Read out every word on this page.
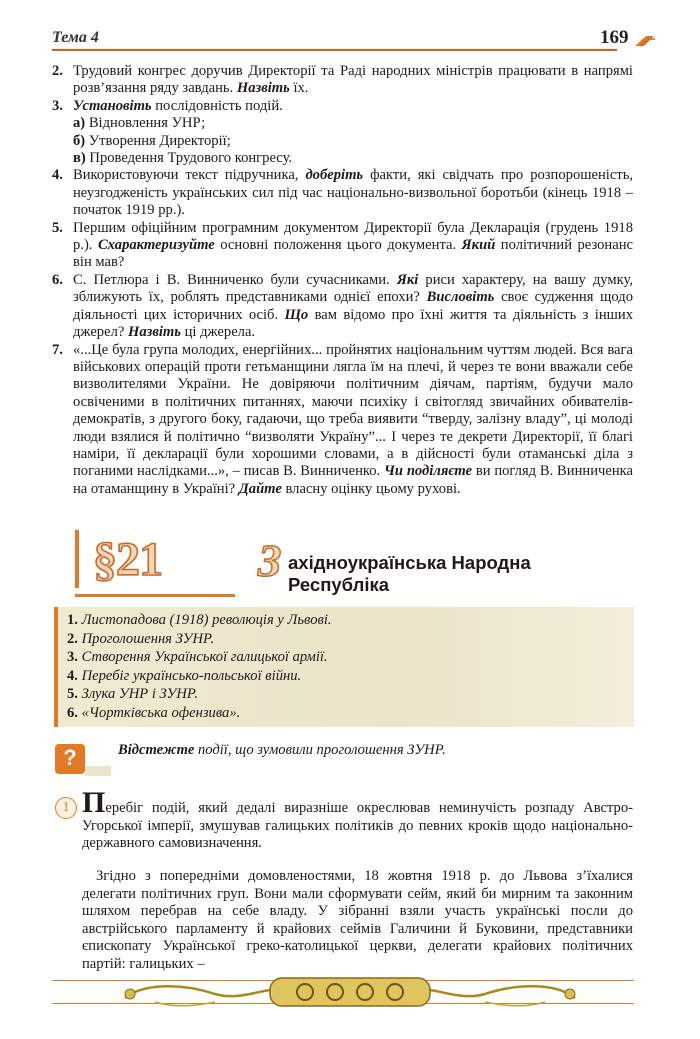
Тема 4	169
2. Трудовий конгрес доручив Директорії та Раді народних міністрів працювати в напрямі розв’язання ряду завдань. Назвіть їх.
3. Установіть послідовність подій.
а) Відновлення УНР;
б) Утворення Директорії;
в) Проведення Трудового конгресу.
4. Використовуючи текст підручника, доберіть факти, які свідчать про розпорошеність, неузгодженість українських сил під час національно-визвольної боротьби (кінець 1918 – початок 1919 рр.).
5. Першим офіційним програмним документом Директорії була Декларація (грудень 1918 р.). Схарактеризуйте основні положення цього документа. Який політичний резонанс він мав?
6. С. Петлюра і В. Винниченко були сучасниками. Які риси характеру, на вашу думку, зближують їх, роблять представниками однієї епохи? Висловіть своє судження щодо діяльності цих історичних осіб. Що вам відомо про їхні життя та діяльність з інших джерел? Назвіть ці джерела.
7. «...Це була група молодих, енергійних... пройнятих національним чуттям людей. Вся вага військових операцій проти гетьманщини лягла їм на плечі, й через те вони вважали себе визволителями України. Не довіряючи політичним діячам, партіям, будучи мало освіченими в політичних питаннях, маючи психіку і світогляд звичайних обивателів-демократів, з другого боку, гадаючи, що треба виявити “тверду, залізну владу”, ці молоді люди взялися й політично “визволяти Україну”... І через те декрети Директорії, її благі наміри, її декларації були хорошими словами, а в дійсності були отаманські діла з поганими наслідками...», – писав В. Винниченко. Чи поділяєте ви погляд В. Винниченка на отаманщину в Україні? Дайте власну оцінку цьому руховi.
§21 З ахідноукраїнська Народна Республіка
1. Листопадова (1918) революція у Львові.
2. Проголошення ЗУНР.
3. Створення Української галицької армії.
4. Перебіг українсько-польської війни.
5. Злука УНР і ЗУНР.
6. «Чортківська офензива».
?	Відстежте події, що зумовили проголошення ЗУНР.
1 Перебіг подій, який дедалі виразніше окреслював неминучість розпаду Австро-Угорської імперії, змушував галицьких політиків до певних кроків щодо національно-державного самовизначення.
Згідно з попередніми домовленостями, 18 жовтня 1918 р. до Львова з’їхалися делегати політичних груп. Вони мали сформувати сейм, який би мирним та законним шляхом перебрав на себе владу. У зібранні взяли участь українські посли до австрійського парламенту й крайових сеймів Галичини й Буковини, представники єпископату Української греко-католицької церкви, делегати крайових політичних партій: галицьких –
